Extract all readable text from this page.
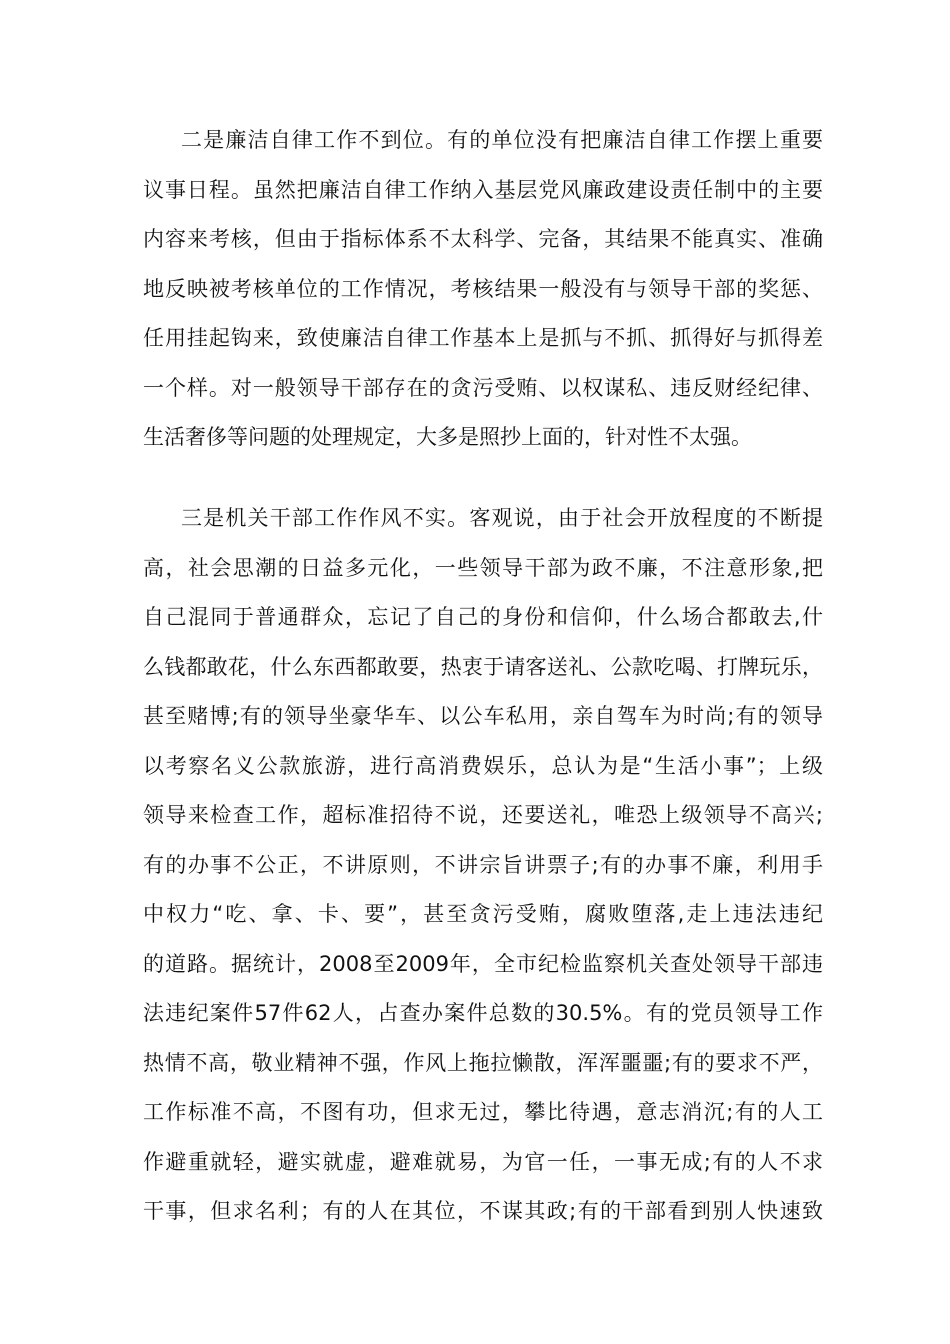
二是廉洁自律工作不到位。有的单位没有把廉洁自律工作摆上重要
议事日程。虽然把廉洁自律工作纳入基层党风廉政建设责任制中的主要
内容来考核，但由于指标体系不太科学、完备，其结果不能真实、准确
地反映被考核单位的工作情况，考核结果一般没有与领导干部的奖惩、
任用挂起钩来，致使廉洁自律工作基本上是抓与不抓、抓得好与抓得差
一个样。对一般领导干部存在的贪污受贿、以权谋私、违反财经纪律、
生活奢侈等问题的处理规定，大多是照抄上面的，针对性不太强。
三是机关干部工作作风不实。客观说，由于社会开放程度的不断提
高，社会思潮的日益多元化，一些领导干部为政不廉，不注意形象,把
自己混同于普通群众，忘记了自己的身份和信仰，什么场合都敢去,什
么钱都敢花，什么东西都敢要，热衷于请客送礼、公款吃喝、打牌玩乐，
甚至赌博;有的领导坐豪华车、以公车私用，亲自驾车为时尚;有的领导
以考察名义公款旅游，进行高消费娱乐，总认为是“生活小事”；上级
领导来检查工作，超标准招待不说，还要送礼，唯恐上级领导不高兴;
有的办事不公正，不讲原则，不讲宗旨讲票子;有的办事不廉，利用手
中权力“吃、拿、卡、要”，甚至贪污受贿，腐败堕落,走上违法违纪
的道路。据统计，2008至2009年，全市纪检监察机关查处领导干部违
法违纪案件57件62人，占查办案件总数的30.5%。有的党员领导工作
热情不高，敬业精神不强，作风上拖拉懒散，浑浑噩噩;有的要求不严，
工作标准不高，不图有功，但求无过，攀比待遇，意志消沉;有的人工
作避重就轻，避实就虚，避难就易，为官一任，一事无成;有的人不求
干事，但求名利；有的人在其位，不谋其政;有的干部看到别人快速致
